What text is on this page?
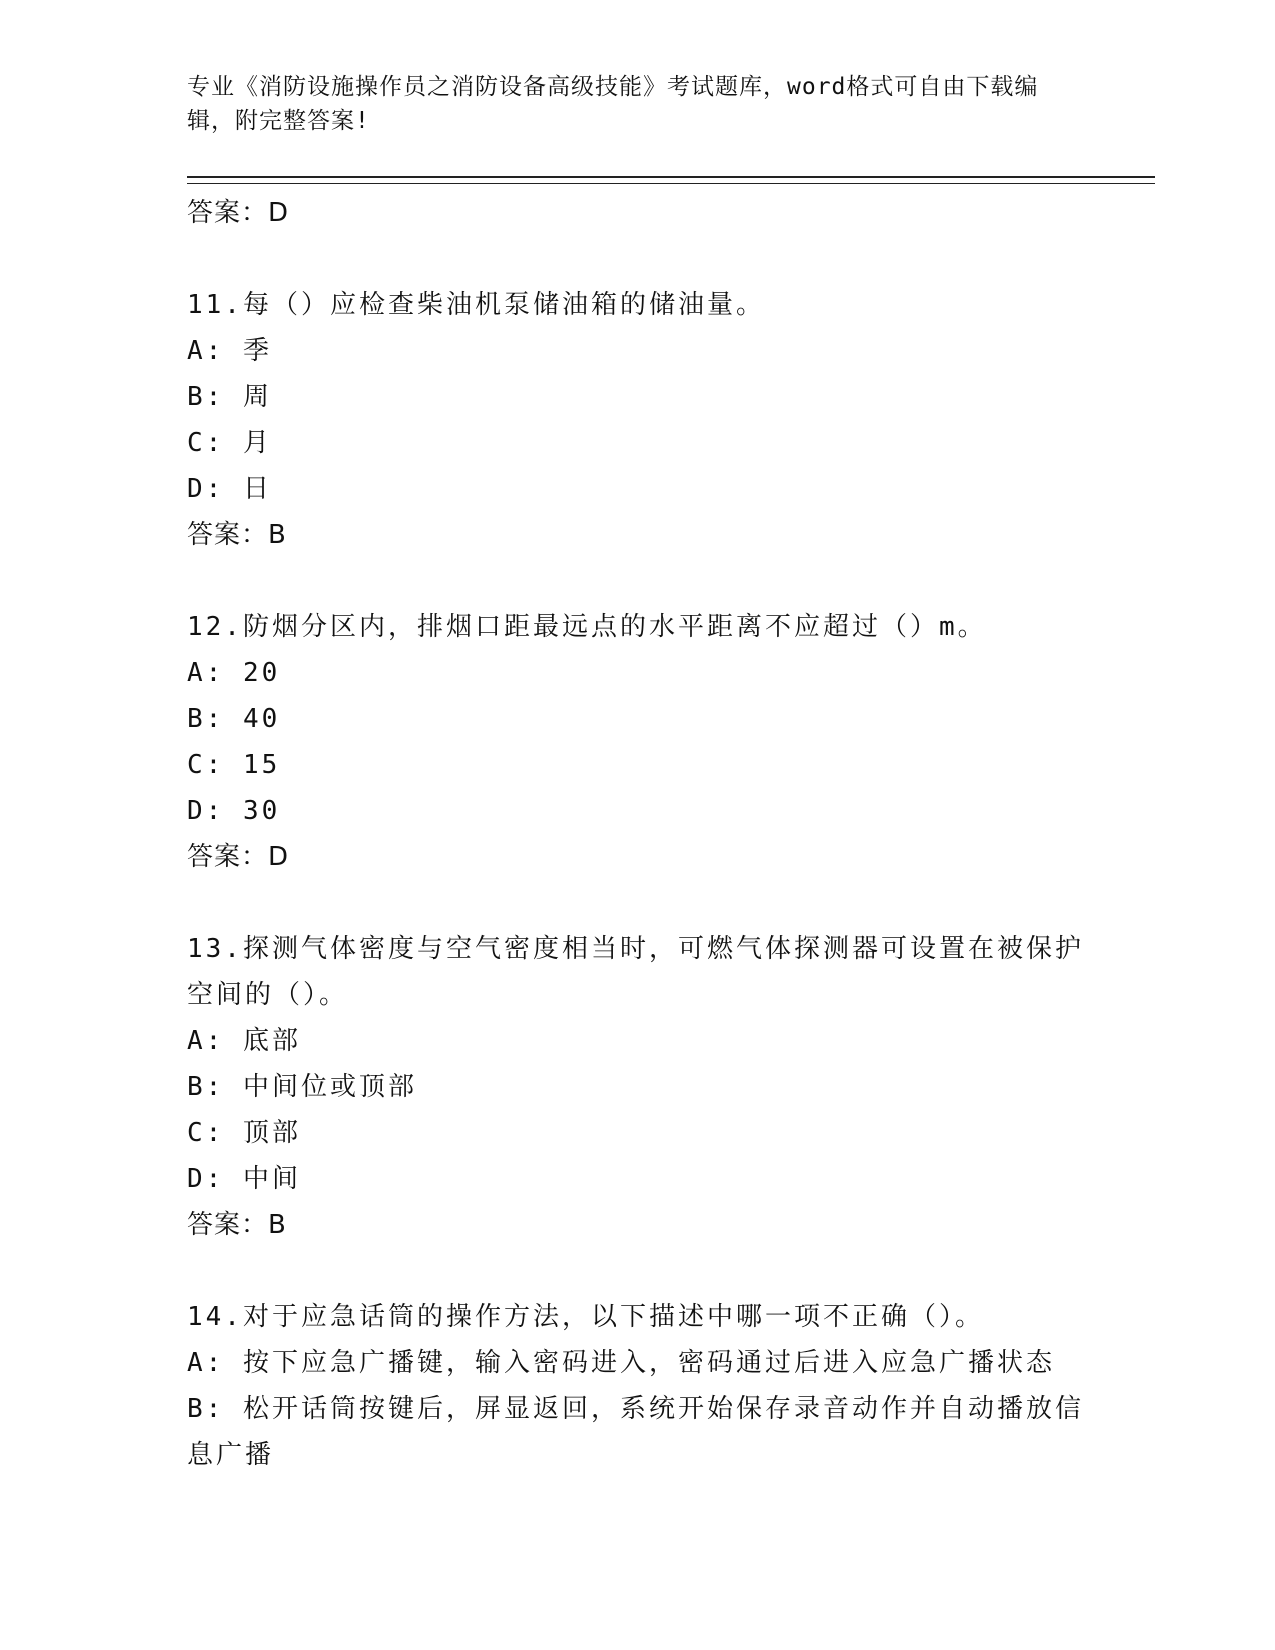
专业《消防设施操作员之消防设备高级技能》考试题库，word格式可自由下载编辑，附完整答案!

答案：D

11.每（）应检查柴油机泵储油箱的储油量。

A: 季

B: 周

C: 月

D: 日

答案：B

12.防烟分区内，排烟口距最远点的水平距离不应超过（）m。

A: 20

B: 40

C: 15

D: 30

答案：D

13.探测气体密度与空气密度相当时，可燃气体探测器可设置在被保护空间的（）。

A: 底部

B: 中间位或顶部

C: 顶部

D: 中间

答案：B

14.对于应急话筒的操作方法，以下描述中哪一项不正确（）。

A: 按下应急广播键，输入密码进入，密码通过后进入应急广播状态

B: 松开话筒按键后，屏显返回，系统开始保存录音动作并自动播放信息广播
